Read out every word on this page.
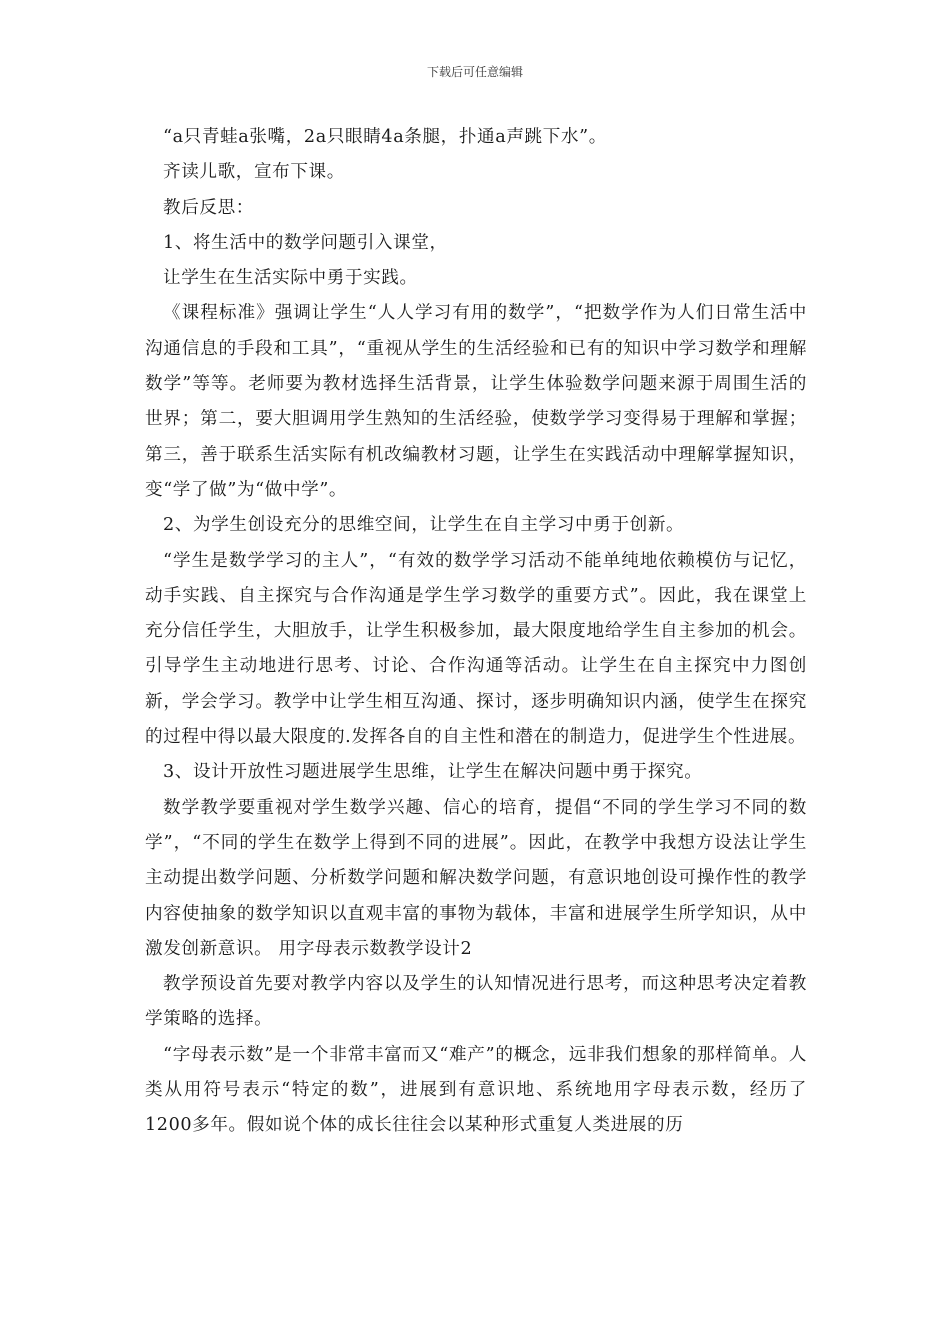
下载后可任意编辑

“a只青蛙a张嘴，2a只眼睛4a条腿，扑通a声跳下水”。

齐读儿歌，宣布下课。

教后反思：

1、将生活中的数学问题引入课堂，

让学生在生活实际中勇于实践。

《课程标准》强调让学生“人人学习有用的数学”，“把数学作为人们日常生活中沟通信息的手段和工具”，“重视从学生的生活经验和已有的知识中学习数学和理解数学”等等。老师要为教材选择生活背景，让学生体验数学问题来源于周围生活的世界；第二，要大胆调用学生熟知的生活经验，使数学学习变得易于理解和掌握；第三，善于联系生活实际有机改编教材习题，让学生在实践活动中理解掌握知识，变“学了做”为“做中学”。

2、为学生创设充分的思维空间，让学生在自主学习中勇于创新。

“学生是数学学习的主人”，“有效的数学学习活动不能单纯地依赖模仿与记忆，动手实践、自主探究与合作沟通是学生学习数学的重要方式”。因此，我在课堂上充分信任学生，大胆放手，让学生积极参加，最大限度地给学生自主参加的机会。引导学生主动地进行思考、讨论、合作沟通等活动。让学生在自主探究中力图创新，学会学习。教学中让学生相互沟通、探讨，逐步明确知识内涵，使学生在探究的过程中得以最大限度的.发挥各自的自主性和潜在的制造力，促进学生个性进展。

3、设计开放性习题进展学生思维，让学生在解决问题中勇于探究。

数学教学要重视对学生数学兴趣、信心的培育，提倡“不同的学生学习不同的数学”，“不同的学生在数学上得到不同的进展”。因此，在教学中我想方设法让学生主动提出数学问题、分析数学问题和解决数学问题，有意识地创设可操作性的教学内容使抽象的数学知识以直观丰富的事物为载体，丰富和进展学生所学知识，从中激发创新意识。 用字母表示数教学设计2

教学预设首先要对教学内容以及学生的认知情况进行思考，而这种思考决定着教学策略的选择。

“字母表示数”是一个非常丰富而又“难产”的概念，远非我们想象的那样简单。人类从用符号表示“特定的数”，进展到有意识地、系统地用字母表示数，经历了1200多年。假如说个体的成长往往会以某种形式重复人类进展的历
